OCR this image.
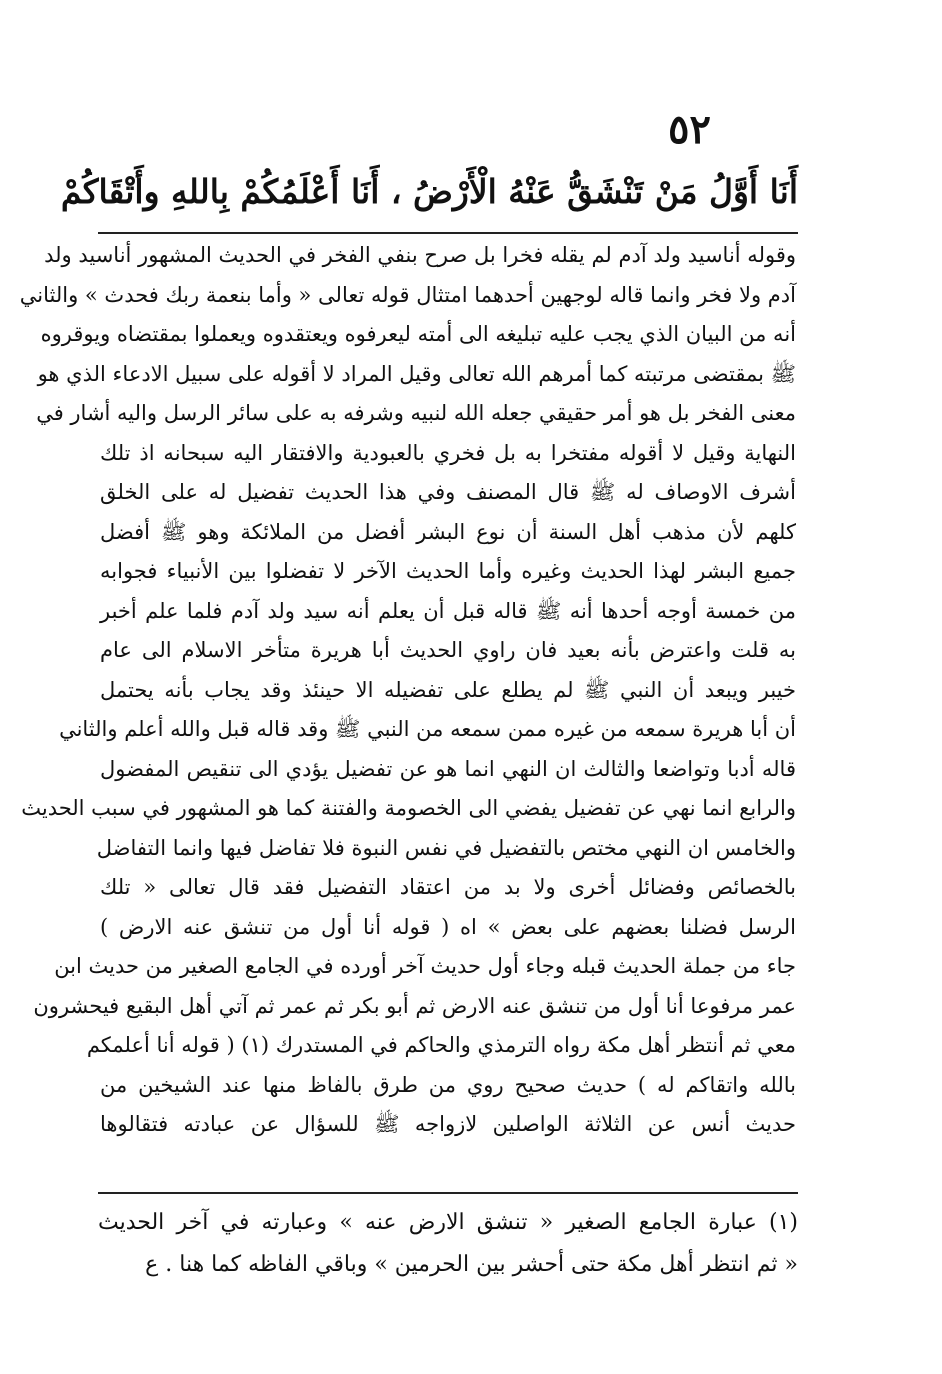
٥٢
أَنَا أَوَّلُ مَنْ تَنْشَقُّ عَنْهُ الْأَرْضُ ، أَنَا أَعْلَمُكُمْ بِاللهِ وأَتْقَاكُمْ
وقوله أناسيد ولد آدم لم يقله فخرا بل صرح بنفي الفخر في الحديث المشهور أناسيد ولد
آدم ولا فخر وانما قاله لوجهين أحدهما امتثال قوله تعالى « وأما بنعمة ربك فحدث » والثاني
أنه من البيان الذي يجب عليه تبليغه الى أمته ليعرفوه ويعتقدوه ويعملوا بمقتضاه ويوقروه
ﷺ بمقتضى مرتبته كما أمرهم الله تعالى وقيل المراد لا أقوله على سبيل الادعاء الذي هو
معنى الفخر بل هو أمر حقيقي جعله الله لنبيه وشرفه به على سائر الرسل واليه أشار في
النهاية وقيل لا أقوله مفتخرا به بل فخري بالعبودية والافتقار اليه سبحانه اذ تلك
أشرف الاوصاف له ﷺ قال المصنف وفي هذا الحديث تفضيل له على الخلق
كلهم لأن مذهب أهل السنة أن نوع البشر أفضل من الملائكة وهو ﷺ أفضل
جميع البشر لهذا الحديث وغيره وأما الحديث الآخر لا تفضلوا بين الأنبياء فجوابه
من خمسة أوجه أحدها أنه ﷺ قاله قبل أن يعلم أنه سيد ولد آدم فلما علم أخبر
به قلت واعترض بأنه بعيد فان راوي الحديث أبا هريرة متأخر الاسلام الى عام
خيبر ويبعد أن النبي ﷺ لم يطلع على تفضيله الا حينئذ وقد يجاب بأنه يحتمل
أن أبا هريرة سمعه من غيره ممن سمعه من النبي ﷺ وقد قاله قبل والله أعلم والثاني
قاله أدبا وتواضعا والثالث ان النهي انما هو عن تفضيل يؤدي الى تنقيص المفضول
والرابع انما نهي عن تفضيل يفضي الى الخصومة والفتنة كما هو المشهور في سبب الحديث
والخامس ان النهي مختص بالتفضيل في نفس النبوة فلا تفاضل فيها وانما التفاضل
بالخصائص وفضائل أخرى ولا بد من اعتقاد التفضيل فقد قال تعالى « تلك
الرسل فضلنا بعضهم على بعض » اه ( قوله أنا أول من تنشق عنه الارض )
جاء من جملة الحديث قبله وجاء أول حديث آخر أورده في الجامع الصغير من حديث ابن
عمر مرفوعا أنا أول من تنشق عنه الارض ثم أبو بكر ثم عمر ثم آتي أهل البقيع فيحشرون
معي ثم أنتظر أهل مكة رواه الترمذي والحاكم في المستدرك (١) ( قوله أنا أعلمكم
بالله واتقاكم له ) حديث صحيح روي من طرق بالفاظ منها عند الشيخين من
حديث أنس عن الثلاثة الواصلين لازواجه ﷺ للسؤال عن عبادته فتقالوها
(١) عبارة الجامع الصغير « تنشق الارض عنه » وعبارته في آخر الحديث
« ثم انتظر أهل مكة حتى أحشر بين الحرمين » وباقي الفاظه كما هنا . ع
